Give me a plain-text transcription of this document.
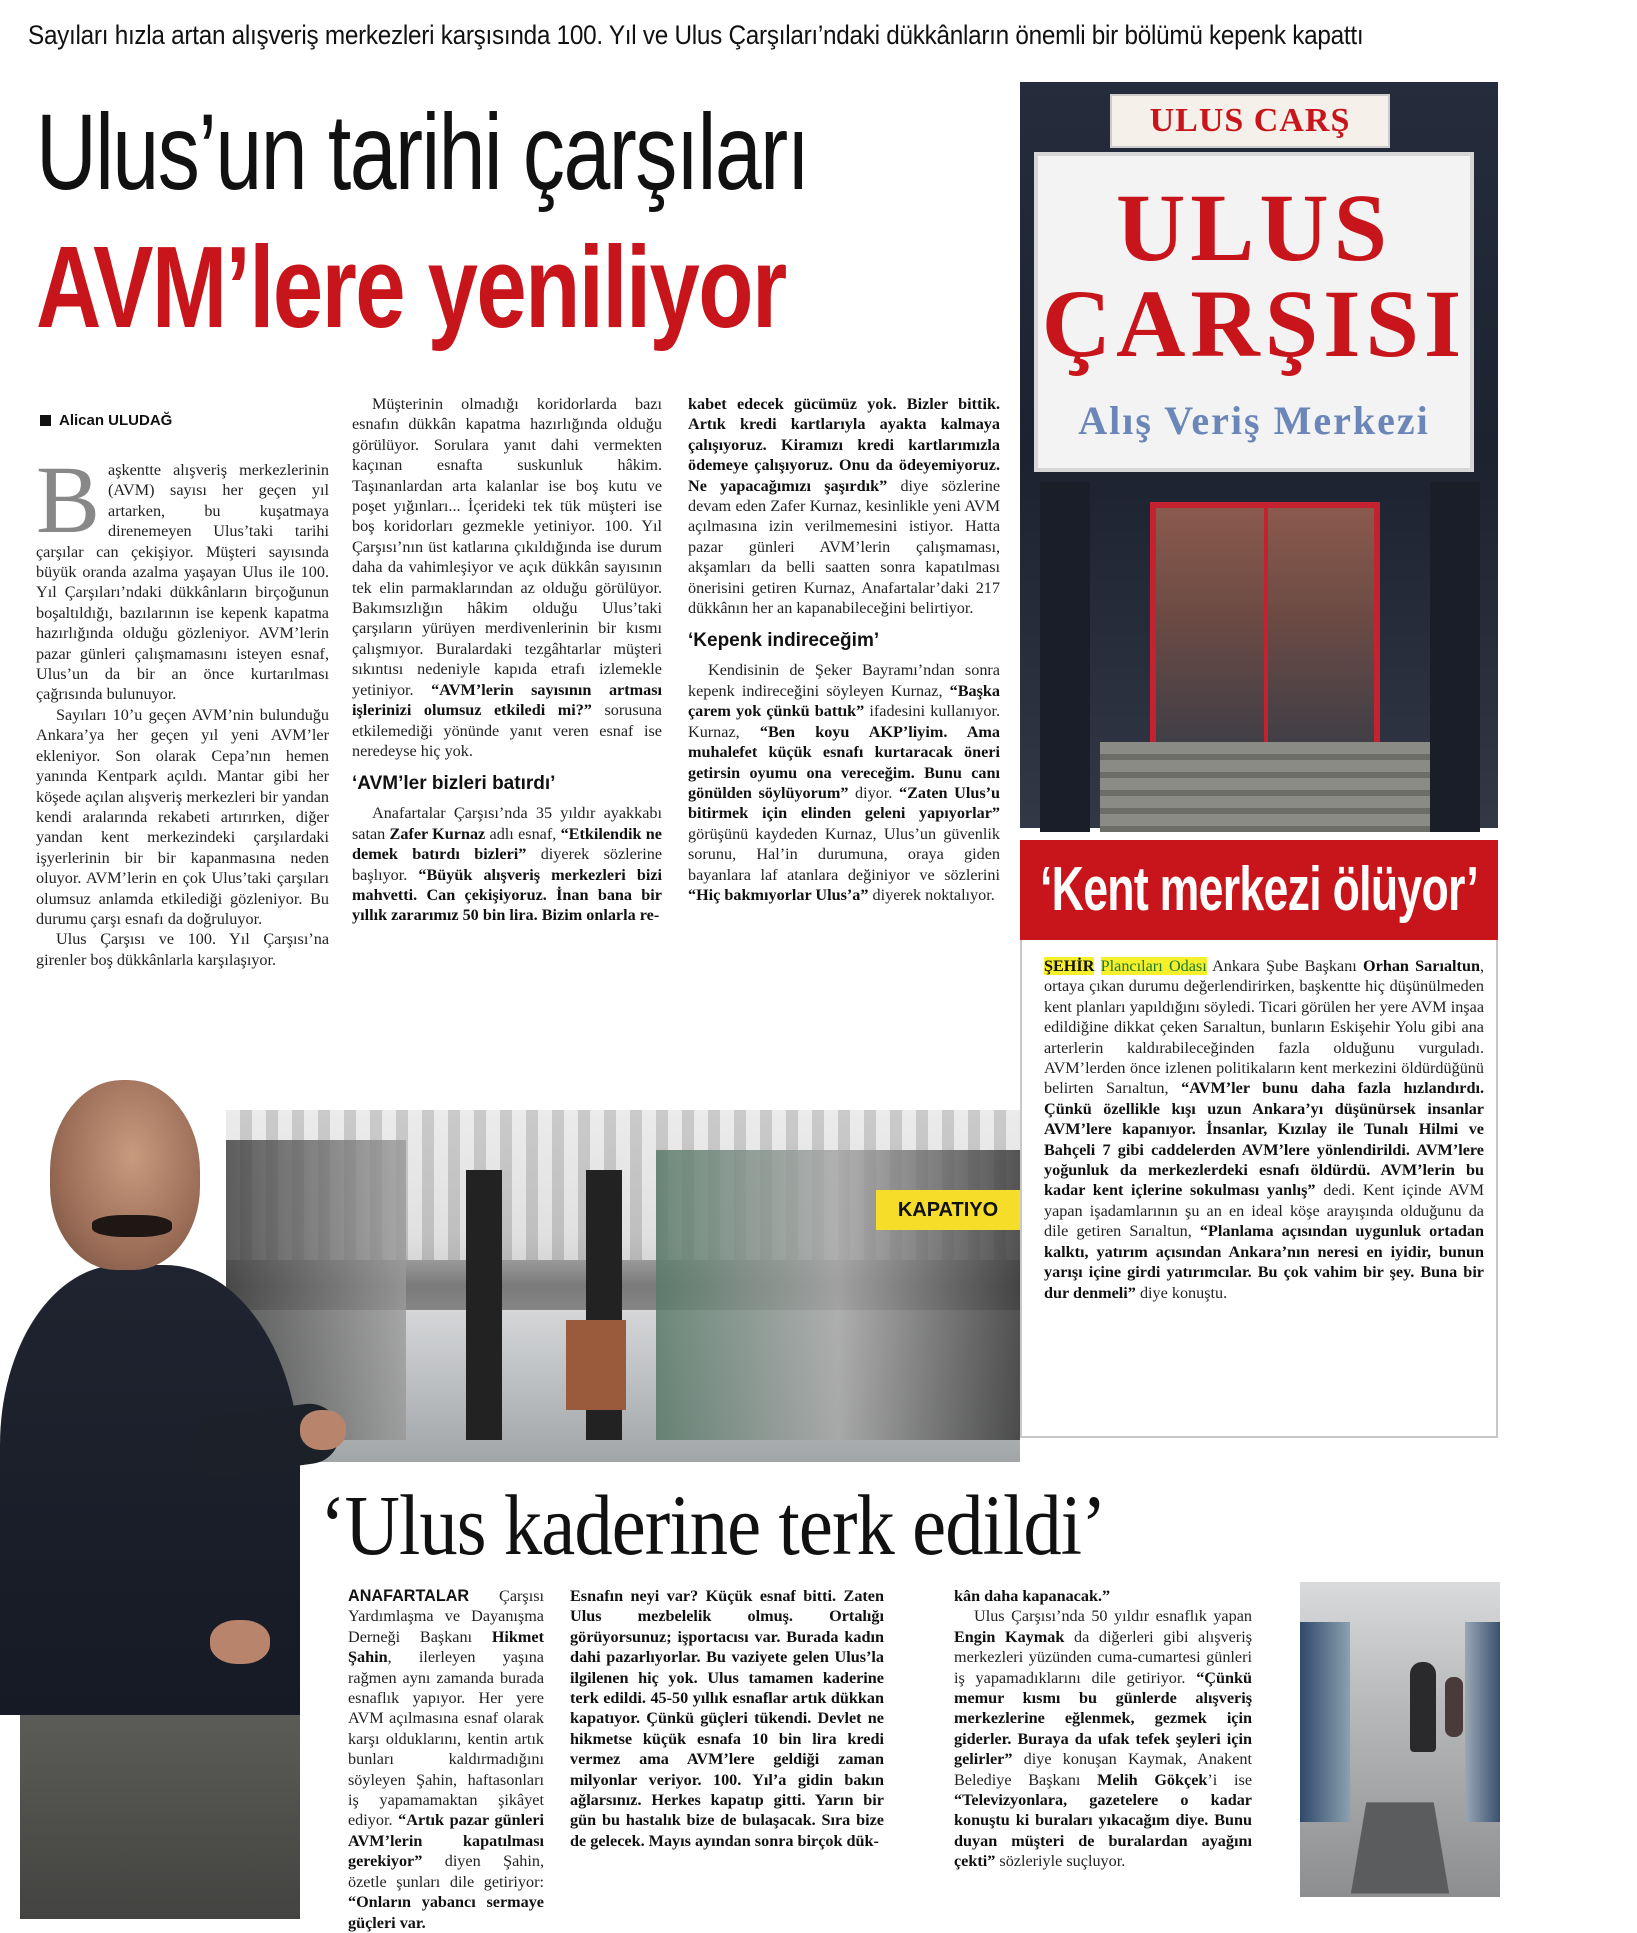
Sayıları hızla artan alışveriş merkezleri karşısında 100. Yıl ve Ulus Çarşıları’ndaki dükkânların önemli bir bölümü kepenk kapattı
Ulus’un tarihi çarşıları
AVM’lere yeniliyor
Alican ULUDAĞ

Başkentte alışveriş merkezlerinin (AVM) sayısı her geçen yıl artarken, bu kuşatmaya direnemeyen Ulus’taki tarihi çarşılar can çekişiyor. Müşteri sayısında büyük oranda azalma yaşayan Ulus ile 100. Yıl Çarşıları’ndaki dükkânların birçoğunun boşaltıldığı, bazılarının ise kepenk kapatma hazırlığında olduğu gözleniyor. AVM’lerin pazar günleri çalışmamasını isteyen esnaf, Ulus’un da bir an önce kurtarılması çağrısında bulunuyor.

Sayıları 10’u geçen AVM’nin bulunduğu Ankara’ya her geçen yıl yeni AVM’ler ekleniyor. Son olarak Cepa’nın hemen yanında Kentpark açıldı. Mantar gibi her köşede açılan alışveriş merkezleri bir yandan kendi aralarında rekabeti artırırken, diğer yandan kent merkezindeki çarşılardaki işyerlerinin bir bir kapanmasına neden oluyor. AVM’lerin en çok Ulus’taki çarşıları olumsuz anlamda etkilediği gözleniyor. Bu durumu çarşı esnafı da doğruluyor.

Ulus Çarşısı ve 100. Yıl Çarşısı’na girenler boş dükkânlarla karşılaşıyor.

Müşterinin olmadığı koridorlarda bazı esnafın dükkân kapatma hazırlığında olduğu görülüyor. Sorulara yanıt dahi vermekten kaçınan esnafta suskunluk hâkim. Taşınanlardan arta kalanlar ise boş kutu ve poşet yığınları... İçerideki tek tük müşteri ise boş koridorları gezmekle yetiniyor. 100. Yıl Çarşısı’nın üst katlarına çıkıldığında ise durum daha da vahimleşiyor ve açık dükkân sayısının tek elin parmaklarından az olduğu görülüyor. Bakımsızlığın hâkim olduğu Ulus’taki çarşıların yürüyen merdivenlerinin bir kısmı çalışmıyor. Buralardaki tezgâhtarlar müşteri sıkıntısı nedeniyle kapıda etrafı izlemekle yetiniyor. “AVM’lerin sayısının artması işlerinizi olumsuz etkiledi mi?” sorusuna etkilemediği yönünde yanıt veren esnaf ise neredeyse hiç yok.

‘AVM’ler bizleri batırdı’

Anafartalar Çarşısı’nda 35 yıldır ayakkabı satan Zafer Kurnaz adlı esnaf, “Etkilendik ne demek batırdı bizleri” diyerek sözlerine başlıyor. “Büyük alışveriş merkezleri bizi mahvetti. Can çekişiyoruz. İnan bana bir yıllık zararımız 50 bin lira. Bizim onlarla re-

kabet edecek gücümüz yok. Bizler bittik. Artık kredi kartlarıyla ayakta kalmaya çalışıyoruz. Kiramızı kredi kartlarımızla ödemeye çalışıyoruz. Onu da ödeyemiyoruz. Ne yapacağımızı şaşırdık” diye sözlerine devam eden Zafer Kurnaz, kesinlikle yeni AVM açılmasına izin verilmemesini istiyor. Hatta pazar günleri AVM’lerin çalışmaması, akşamları da belli saatten sonra kapatılması önerisini getiren Kurnaz, Anafartalar’daki 217 dükkânın her an kapanabileceğini belirtiyor.

‘Kepenk indireceğim’

Kendisinin de Şeker Bayramı’ndan sonra kepenk indireceğini söyleyen Kurnaz, “Başka çarem yok çünkü battık” ifadesini kullanıyor. Kurnaz, “Ben koyu AKP’liyim. Ama muhalefet küçük esnafı kurtaracak öneri getirsin oyumu ona vereceğim. Bunu canı gönülden söylüyorum” diyor. “Zaten Ulus’u bitirmek için elinden geleni yapıyorlar” görüşünü kaydeden Kurnaz, Ulus’un güvenlik sorunu, Hal’in durumuna, oraya giden bayanlara laf atanlara değiniyor ve sözlerini “Hiç bakmıyorlar Ulus’a” diyerek noktalıyor.

ULUS CARŞ
ULUS
ÇARŞISI
Alış Veriş Merkezi
‘Kent merkezi ölüyor’

ŞEHİR Plancıları Odası Ankara Şube Başkanı Orhan Sarıaltun, ortaya çıkan durumu değerlendirirken, başkentte hiç düşünülmeden kent planları yapıldığını söyledi. Ticari görülen her yere AVM inşaa edildiğine dikkat çeken Sarıaltun, bunların Eskişehir Yolu gibi ana arterlerin kaldırabileceğinden fazla olduğunu vurguladı. AVM’lerden önce izlenen politikaların kent merkezini öldürdüğünü belirten Sarıaltun, “AVM’ler bunu daha fazla hızlandırdı. Çünkü özellikle kışı uzun Ankara’yı düşünürsek insanlar AVM’lere kapanıyor. İnsanlar, Kızılay ile Tunalı Hilmi ve Bahçeli 7 gibi caddelerden AVM’lere yönlendirildi. AVM’lere yoğunluk da merkezlerdeki esnafı öldürdü. AVM’lerin bu kadar kent içlerine sokulması yanlış” dedi. Kent içinde AVM yapan işadamlarının şu an en ideal köşe arayışında olduğunu da dile getiren Sarıaltun, “Planlama açısından uygunluk ortadan kalktı, yatırım açısından Ankara’nın neresi en iyidir, bunun yarışı içine girdi yatırımcılar. Bu çok vahim bir şey. Buna bir dur denmeli” diye konuştu.

KAPATIYO
‘Ulus kaderine terk edildi’

ANAFARTALAR Çarşısı Yardımlaşma ve Dayanışma Derneği Başkanı Hikmet Şahin, ilerleyen yaşına rağmen aynı zamanda burada esnaflık yapıyor. Her yere AVM açılmasına esnaf olarak karşı olduklarını, kentin artık bunları kaldırmadığını söyleyen Şahin, haftasonları iş yapamamaktan şikâyet ediyor. “Artık pazar günleri AVM’lerin kapatılması gerekiyor” diyen Şahin, özetle şunları dile getiriyor: “Onların yabancı sermaye güçleri var.

Esnafın neyi var? Küçük esnaf bitti. Zaten Ulus mezbelelik olmuş. Ortalığı görüyorsunuz; işportacısı var. Burada kadın dahi pazarlıyorlar. Bu vaziyete gelen Ulus’la ilgilenen hiç yok. Ulus tamamen kaderine terk edildi. 45-50 yıllık esnaflar artık dükkan kapatıyor. Çünkü güçleri tükendi. Devlet ne hikmetse küçük esnafa 10 bin lira kredi vermez ama AVM’lere geldiği zaman milyonlar veriyor. 100. Yıl’a gidin bakın ağlarsınız. Herkes kapatıp gitti. Yarın bir gün bu hastalık bize de bulaşacak. Sıra bize de gelecek. Mayıs ayından sonra birçok dük-

kân daha kapanacak.”

Ulus Çarşısı’nda 50 yıldır esnaflık yapan Engin Kaymak da diğerleri gibi alışveriş merkezleri yüzünden cuma-cumartesi günleri iş yapamadıklarını dile getiriyor. “Çünkü memur kısmı bu günlerde alışveriş merkezlerine eğlenmek, gezmek için giderler. Buraya da ufak tefek şeyleri için gelirler” diye konuşan Kaymak, Anakent Belediye Başkanı Melih Gökçek’i ise “Televizyonlara, gazetelere o kadar konuştu ki buraları yıkacağım diye. Bunu duyan müşteri de buralardan ayağını çekti” sözleriyle suçluyor.
